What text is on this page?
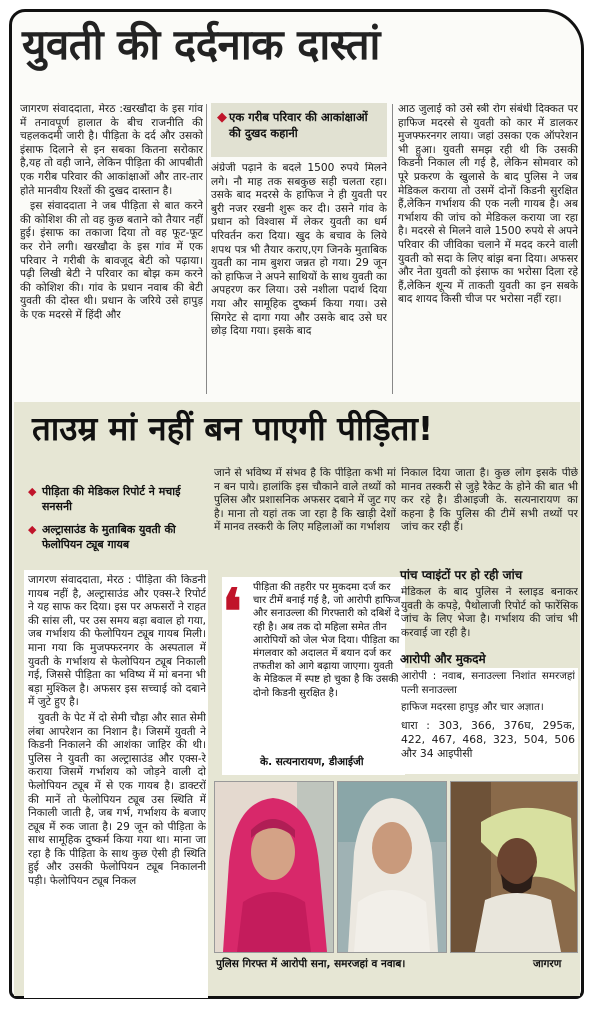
युवती की दर्दनाक दास्तां

जागरण संवाददाता, मेरठ :खरखौदा के इस गांव में तनावपूर्ण हालात के बीच राजनीति की चहलकदमी जारी है। पीड़िता के दर्द और उसको इंसाफ दिलाने से इन सबका कितना सरोकार है,यह तो वही जाने, लेकिन पीड़िता की आपबीती एक गरीब परिवार की आकांक्षाओं और तार-तार होते मानवीय रिश्तों की दुखद दास्तान है।

इस संवाददाता ने जब पीड़िता से बात करने की कोशिश की तो वह कुछ बताने को तैयार नहीं हुई। इंसाफ का तकाजा दिया तो वह फूट-फूट कर रोने लगी। खरखौदा के इस गांव में एक परिवार ने गरीबी के बावजूद बेटी को पढ़ाया। पढ़ी लिखी बेटी ने परिवार का बोझ कम करने की कोशिश की। गांव के प्रधान नवाब की बेटी युवती की दोस्त थी। प्रधान के जरिये उसे हापुड़ के एक मदरसे में हिंदी और

◆ एक गरीब परिवार की आकांक्षाओं की दुखद कहानी

अंग्रेजी पढ़ाने के बदले 1500 रुपये मिलने लगे। नौ माह तक सबकुछ सही चलता रहा। उसके बाद मदरसे के हाफिज ने ही युवती पर बुरी नजर रखनी शुरू कर दी। उसने गांव के प्रधान को विश्वास में लेकर युवती का धर्म परिवर्तन करा दिया। खुद के बचाव के लिये शपथ पत्र भी तैयार कराए,एग जिनके मुताबिक युवती का नाम बुशरा जन्नत हो गया। 29 जून को हाफिज ने अपने साथियों के साथ युवती का अपहरण कर लिया। उसे नशीला पदार्थ दिया गया और सामूहिक दुष्कर्म किया गया। उसे सिगरेट से दागा गया और उसके बाद उसे घर छोड़ दिया गया। इसके बाद

आठ जुलाई को उसे स्त्री रोग संबंधी दिक्कत पर हाफिज मदरसे से युवती को कार में डालकर मुजफ्फरनगर लाया। जहां उसका एक ऑपरेशन भी हुआ। युवती समझ रही थी कि उसकी किडनी निकाल ली गई है, लेकिन सोमवार को पूरे प्रकरण के खुलासे के बाद पुलिस ने जब मेडिकल कराया तो उसमें दोनों किडनी सुरक्षित हैं,लेकिन गर्भाशय की एक नली गायब है। अब गर्भाशय की जांच को मेडिकल कराया जा रहा है। मदरसे से मिलने वाले 1500 रुपये से अपने परिवार की जीविका चलाने में मदद करने वाली युवती को सदा के लिए बांझ बना दिया। अफसर और नेता युवती को इंसाफ का भरोसा दिला रहे हैं,लेकिन शून्य में ताकती युवती का इन सबके बाद शायद किसी चीज पर भरोसा नहीं रहा।

ताउम्र मां नहीं बन पाएगी पीड़िता!
◆ पीड़िता की मेडिकल रिपोर्ट ने मचाई सनसनी
◆ अल्ट्रासाउंड के मुताबिक युवती की फेलोपियन ट्यूब गायब

जागरण संवाददाता, मेरठ : पीड़िता की किडनी गायब नहीं है, अल्ट्रासाउंड और एक्स-रे रिपोर्ट ने यह साफ कर दिया। इस पर अफसरों ने राहत की सांस ली, पर उस समय बड़ा बवाल हो गया, जब गर्भाशय की फेलोपियन ट्यूब गायब मिली। माना गया कि मुजफ्फरनगर के अस्पताल में युवती के गर्भाशय से फेलोपियन ट्यूब निकाली गई, जिससे पीड़िता का भविष्य में मां बनना भी बड़ा मुश्किल है। अफसर इस सच्चाई को दबाने में जुटे हुए है।

युवती के पेट में दो सेमी चौड़ा और सात सेमी लंबा आपरेशन का निशान है। जिसमें युवती ने किडनी निकालने की आशंका जाहिर की थी। पुलिस ने युवती का अल्ट्रासाउंड और एक्स-रे कराया जिसमें गर्भाशय को जोड़ने वाली दो फेलोपियन ट्यूब में से एक गायब है। डाक्टरों की मानें तो फेलोपियन ट्यूब उस स्थिति में निकाली जाती है, जब गर्भ, गर्भाशय के बजाए ट्यूब में रुक जाता है। 29 जून को पीड़िता के साथ सामूहिक दुष्कर्म किया गया था। माना जा रहा है कि पीड़िता के साथ कुछ ऐसी ही स्थिति हुई और उसकी फेलोपियन ट्यूब निकालनी पड़ी। फेलोपियन ट्यूब निकल

जाने से भविष्य में संभव है कि पीड़िता कभी मां न बन पाये। हालांकि इस चौकाने वाले तथ्यों को पुलिस और प्रशासनिक अफसर दबाने में जुट गए है। माना तो यहां तक जा रहा है कि खाड़ी देशों में मानव तस्करी के लिए महिलाओं का गर्भाशय

❛ पीड़िता की तहरीर पर मुकदमा दर्ज कर चार टीमें बनाई गई है, जो आरोपी हाफिज और सनाउल्ला की गिरफ्तारी को दबिशें दे रही है। अब तक दो महिला समेत तीन आरोपियों को जेल भेज दिया। पीड़िता का मंगलवार को अदालत में बयान दर्ज कर तफतीश को आगे बढ़ाया जाएगा। युवती के मेडिकल में स्पष्ट हो चुका है कि उसकी दोनो किडनी सुरक्षित है।
के. सत्यनारायण, डीआईजी

निकाल दिया जाता है। कुछ लोग इसके पीछे मानव तस्करी से जुड़े रैकेट के होने की बात भी कर रहे है। डीआइजी के. सत्यनारायण का कहना है कि पुलिस की टीमें सभी तथ्यों पर जांच कर रही हैं।

पांच प्वाइंटों पर हो रही जांच

मेडिकल के बाद पुलिस ने स्लाइड बनाकर युवती के कपड़े, पैथोलाजी रिपोर्ट को फारेंसिक जांच के लिए भेजा है। गर्भाशय की जांच भी करवाई जा रही है।

आरोपी और मुकदमे

आरोपी : नवाब, सनाउल्ला निशांत समरजहां पत्नी सनाउल्ला

हाफिज मदरसा हापुड़ और चार अज्ञात।

धारा : 303, 366, 376घ, 295क, 422, 467, 468, 323, 504, 506 और 34 आइपीसी

पुलिस गिरफ्त में आरोपी सना, समरजहां व नवाब।	जागरण
